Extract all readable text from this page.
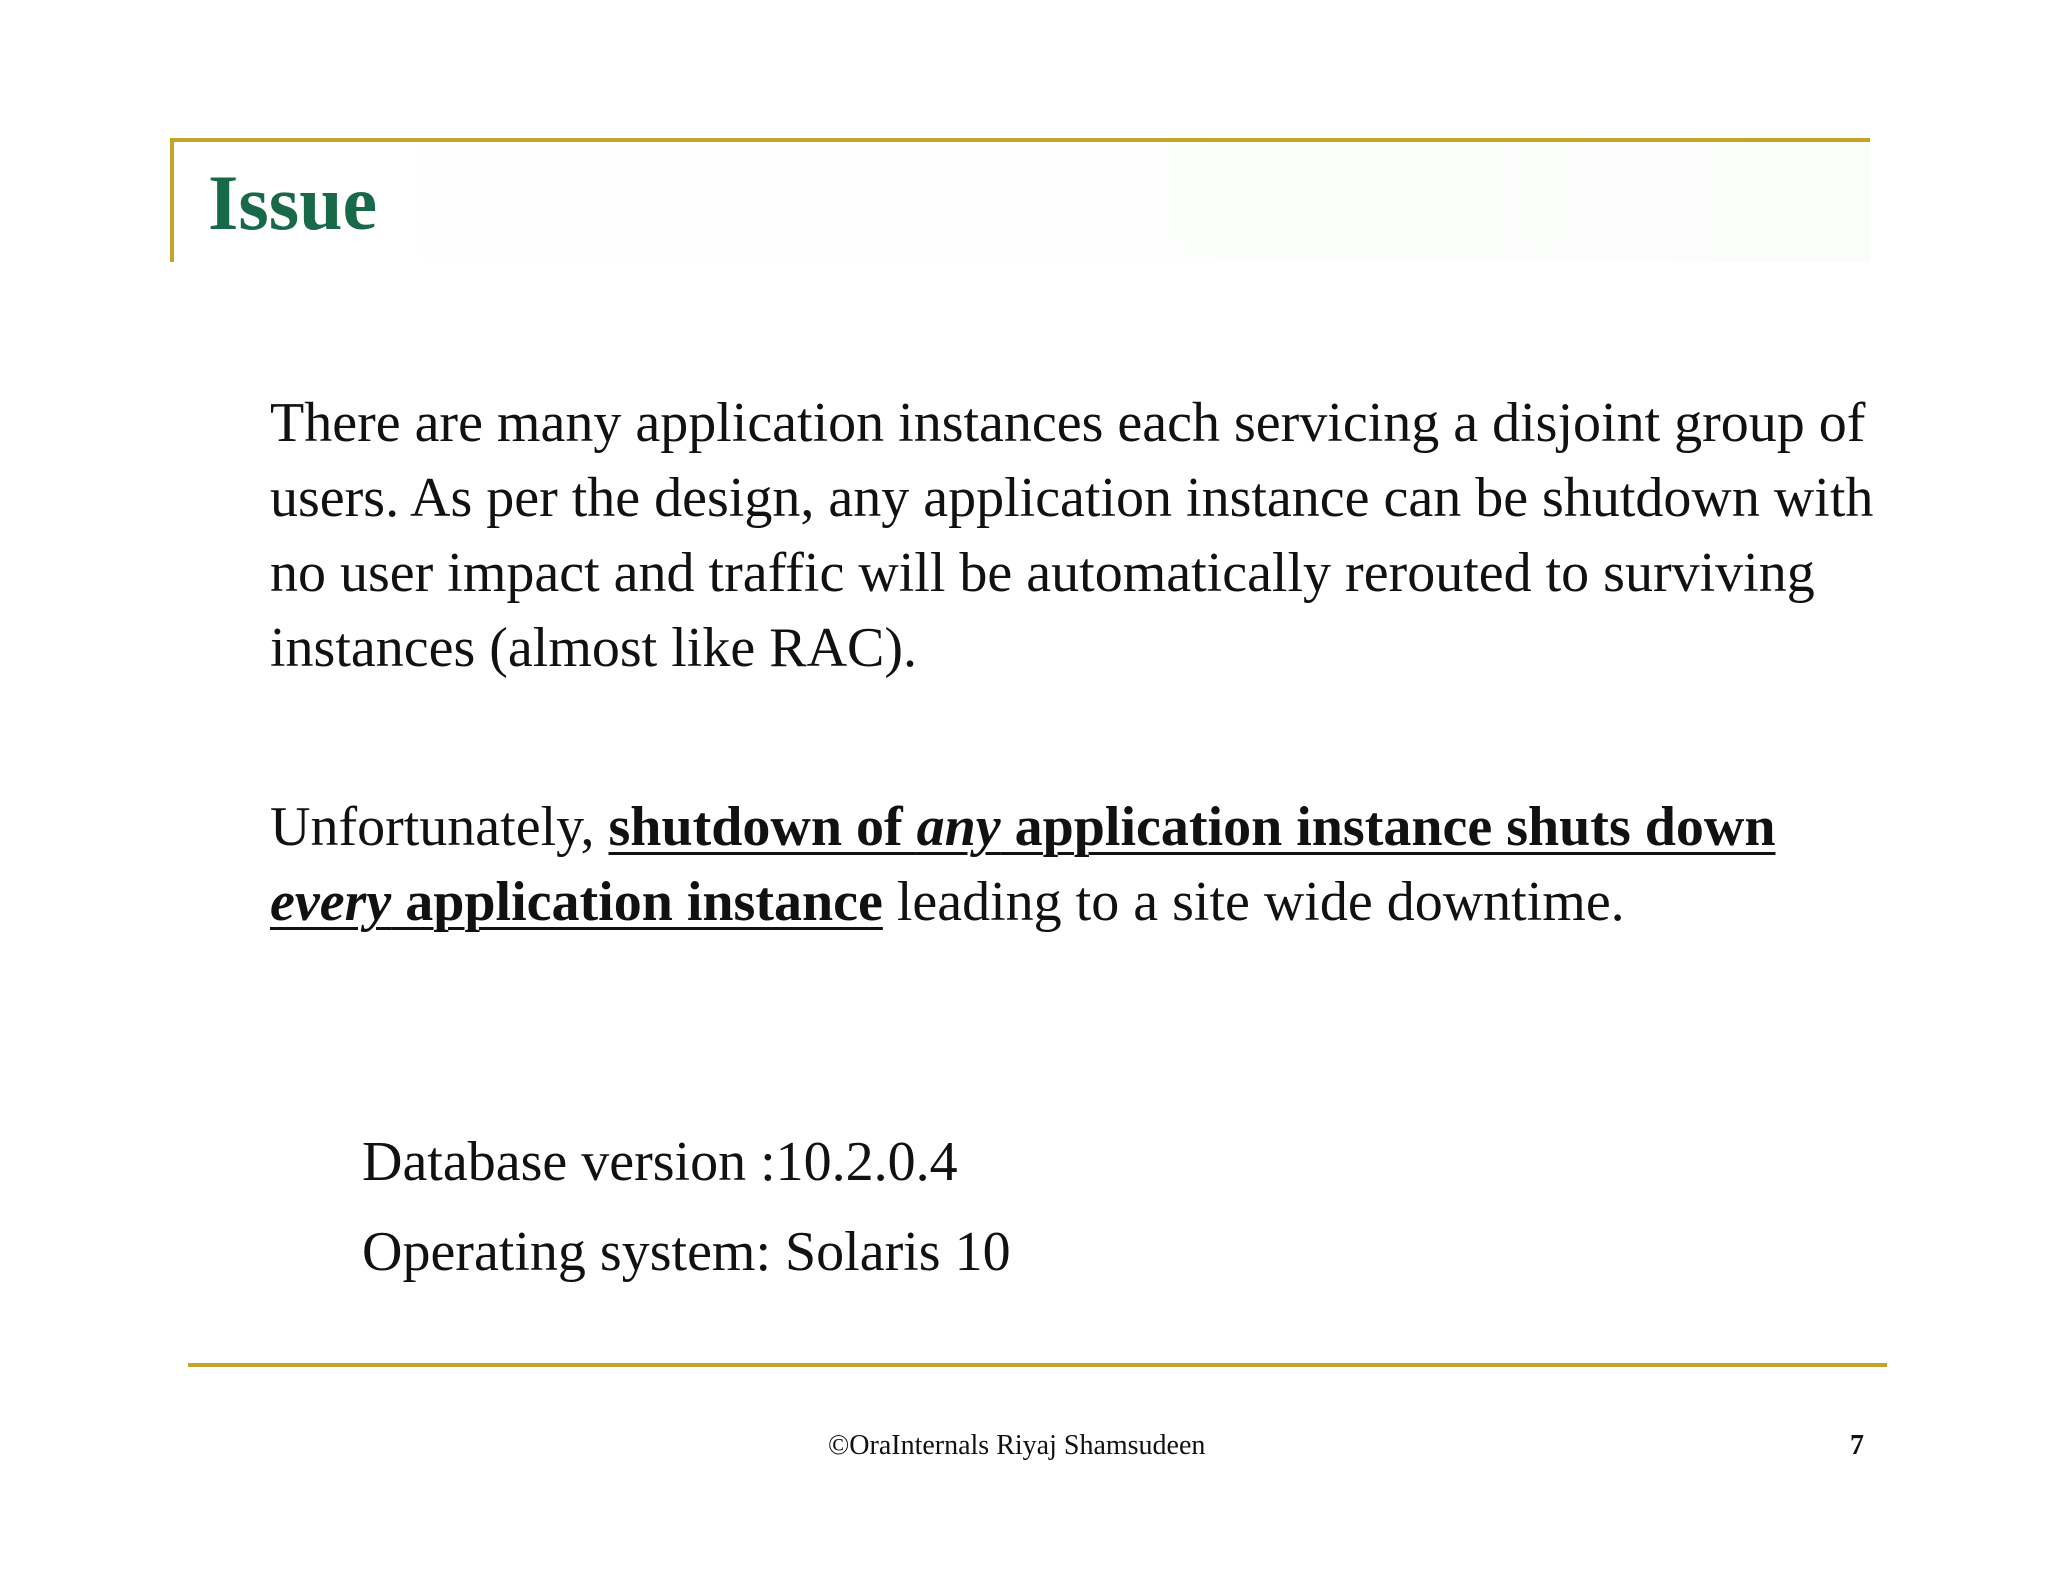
Issue

There are many application instances each servicing a disjoint group of users. As per the design, any application instance can be shutdown with no user impact and traffic will be automatically rerouted to surviving instances (almost like RAC).

Unfortunately, shutdown of any application instance shuts down every application instance leading to a site wide downtime.

Database version :10.2.0.4

Operating system: Solaris 10

©OraInternals Riyaj Shamsudeen	7
